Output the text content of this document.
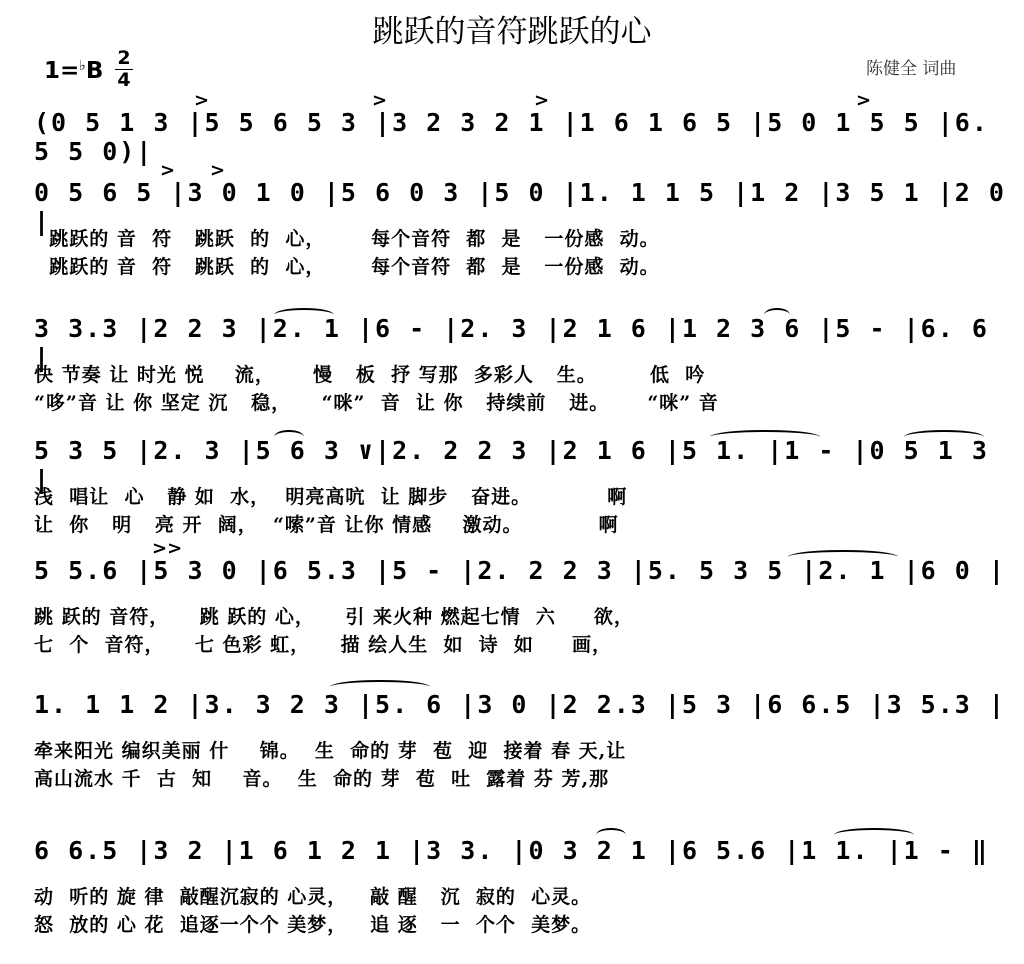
跳跃的音符跳跃的心
陈健全 词曲
1=♭B 2
4
(0 5 1 3 |5 5 6 5 3 |3 2 3 2 1 |1 6 1 6 5 |5 0 1 5 5 |6. 5 5 0)|
>	>	>	>
0 5 6 5 |3 0 1 0 |5 6 0 3 |5 0 |1. 1 1 5 |1 2 |3 5 1 |2 0 |
跳跃的 音  符   跳跃  的  心，      每个音符  都  是   一份感  动。
跳跃的 音  符   跳跃  的  心，      每个音符  都  是   一份感  动。
> >
3 3.3 |2 2 3 |2. 1 |6 - |2. 3 |2 1 6 |1 2 3 6 |5 - |6. 6 |
快 节奏 让 时光 悦    流，     慢   板  抒 写那  多彩人   生。       低  吟
“哆”音 让 你 坚定 沉   稳，    “咪”  音  让 你   持续前   进。     “咪” 音
5 3 5 |2. 3 |5 6 3 ∨|2. 2 2 3 |2 1 6 |5 1. |1 - |0 5 1 3 |
浅  唱让  心   静 如  水，  明亮高吭  让 脚步   奋进。          啊
让  你   明   亮 开  阔，  “嗦”音 让你 情感    激动。          啊
5 5.6 |5 3 0 |6 5.3 |5 - |2. 2 2 3 |5. 5 3 5 |2. 1 |6 0 |
跳 跃的 音符，    跳 跃的 心，    引 来火种 燃起七情  六     欲，
七  个  音符，    七 色彩 虹，    描 绘人生  如  诗  如     画，
>>
1. 1 1 2 |3. 3 2 3 |5. 6 |3 0 |2 2.3 |5 3 |6 6.5 |3 5.3 |
牵来阳光 编织美丽 什    锦。  生  命的 芽  苞  迎  接着 春 天,让
高山流水 千  古  知    音。  生  命的 芽  苞  吐  露着 芬 芳,那
6 6.5 |3 2 |1 6 1 2 1 |3 3. |0 3 2 1 |6 5.6 |1 1. |1 - ‖
动  听的 旋 律  敲醒沉寂的 心灵，   敲 醒   沉  寂的  心灵。
怒  放的 心 花  追逐一个个 美梦，   追 逐   一  个个  美梦。
